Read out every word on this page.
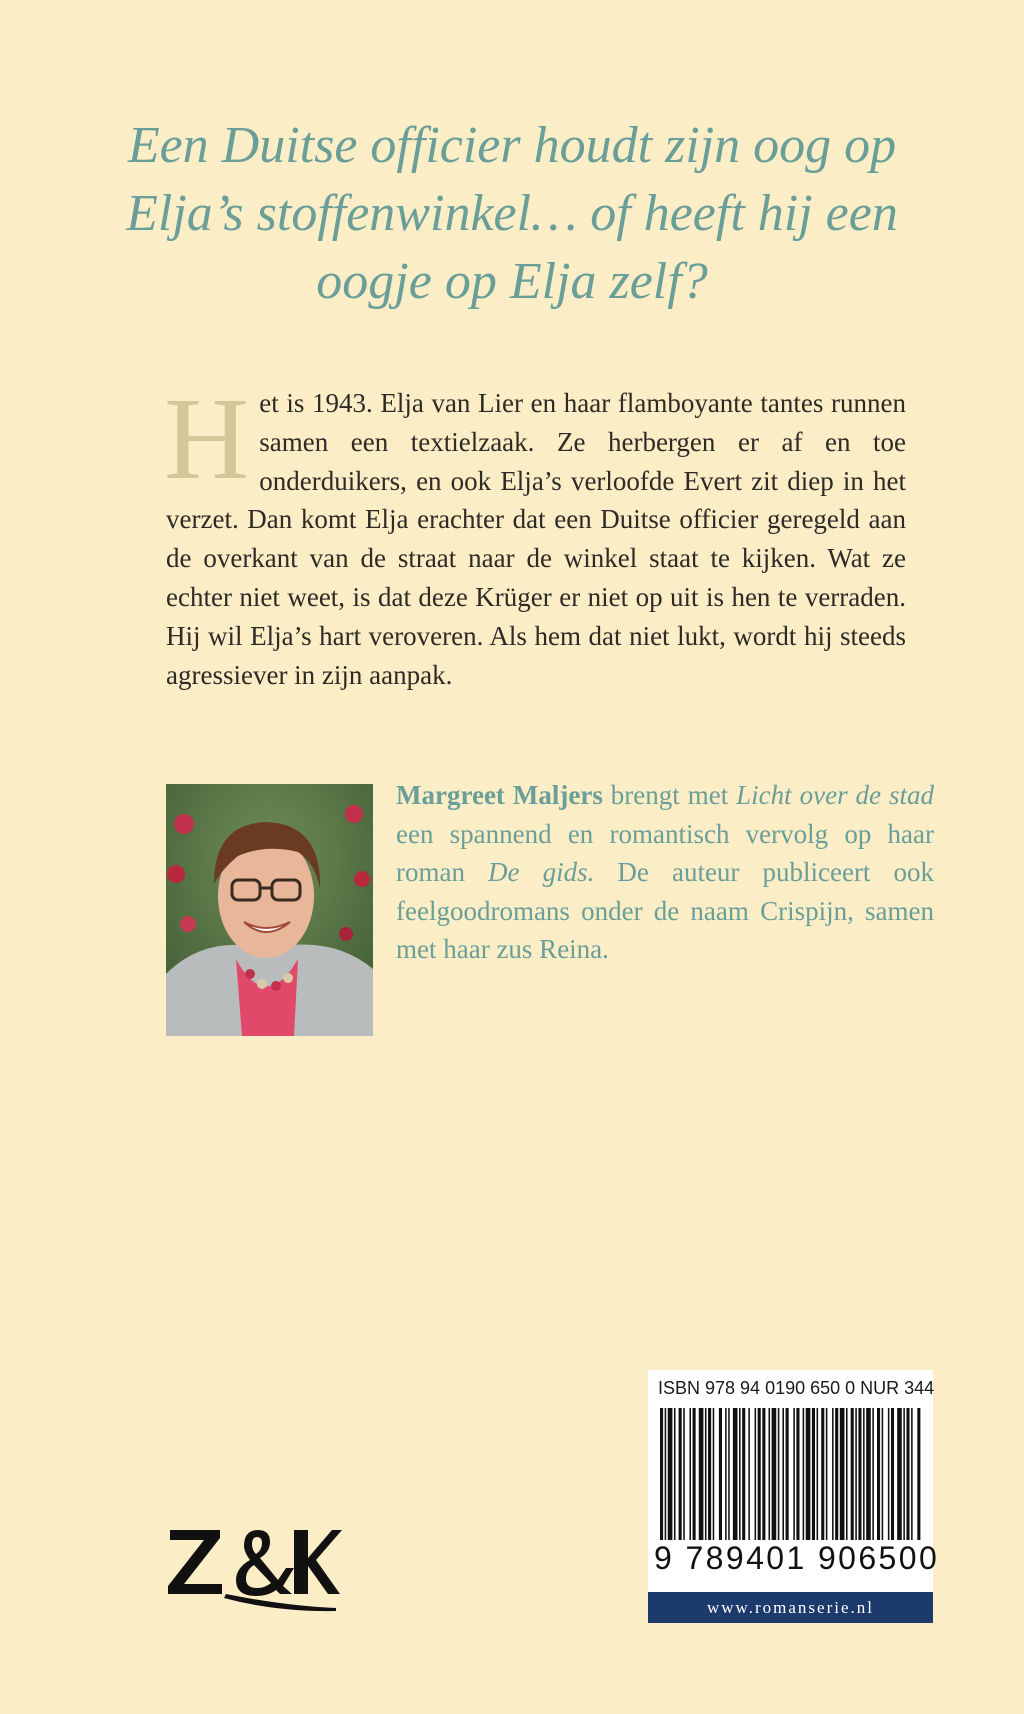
Een Duitse officier houdt zijn oog op Elja’s stoffenwinkel… of heeft hij een oogje op Elja zelf?

Het is 1943. Elja van Lier en haar flamboyante tantes runnen samen een textielzaak. Ze herbergen er af en toe onderduikers, en ook Elja’s verloofde Evert zit diep in het verzet. Dan komt Elja erachter dat een Duitse officier geregeld aan de overkant van de straat naar de winkel staat te kijken. Wat ze echter niet weet, is dat deze Krüger er niet op uit is hen te verraden. Hij wil Elja’s hart veroveren. Als hem dat niet lukt, wordt hij steeds agressiever in zijn aanpak.

Margreet Maljers brengt met Licht over de stad een spannend en romantisch vervolg op haar roman De gids. De auteur publiceert ook feelgoodromans onder de naam Crispijn, samen met haar zus Reina.

ISBN 978 94 0190 650 0 NUR 344
9 789401 906500
www.romanserie.nl
